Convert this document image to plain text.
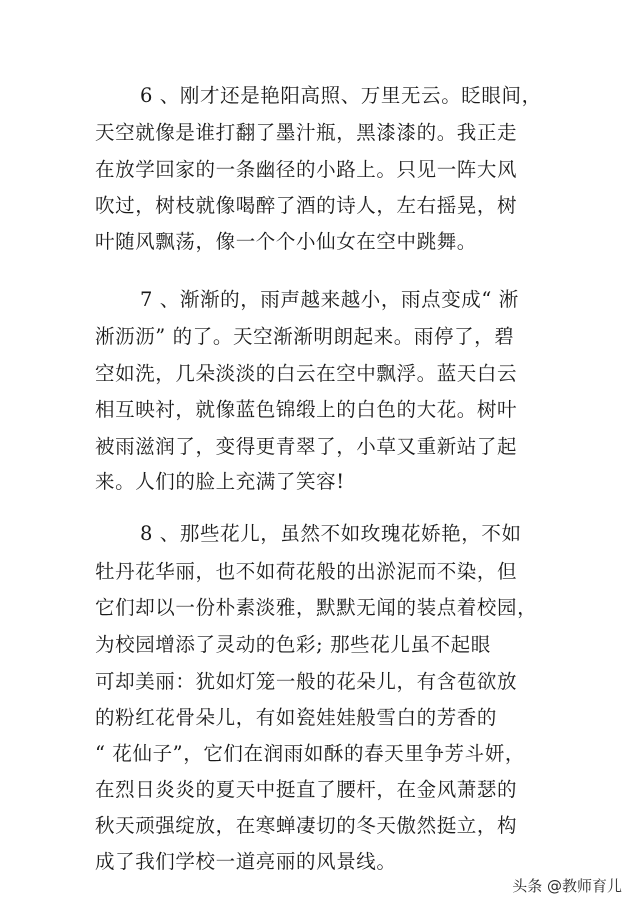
6 、刚才还是艳阳高照、万里无云。眨眼间，
天空就像是谁打翻了墨汁瓶，黑漆漆的。我正走
在放学回家的一条幽径的小路上。只见一阵大风
吹过，树枝就像喝醉了酒的诗人，左右摇晃，树
叶随风飘荡，像一个个小仙女在空中跳舞。
7 、渐渐的，雨声越来越小，雨点变成“ 淅
淅沥沥” 的了。天空渐渐明朗起来。雨停了，碧
空如洗，几朵淡淡的白云在空中飘浮。蓝天白云
相互映衬，就像蓝色锦缎上的白色的大花。树叶
被雨滋润了，变得更青翠了，小草又重新站了起
来。人们的脸上充满了笑容!
8 、那些花儿，虽然不如玫瑰花娇艳，不如
牡丹花华丽，也不如荷花般的出淤泥而不染，但
它们却以一份朴素淡雅，默默无闻的装点着校园，
为校园增添了灵动的色彩; 那些花儿虽不起眼
可却美丽：犹如灯笼一般的花朵儿，有含苞欲放
的粉红花骨朵儿，有如瓷娃娃般雪白的芳香的
“ 花仙子”，它们在润雨如酥的春天里争芳斗妍，
在烈日炎炎的夏天中挺直了腰杆，在金风萧瑟的
秋天顽强绽放，在寒蝉凄切的冬天傲然挺立，构
成了我们学校一道亮丽的风景线。
头条 @教师育儿
